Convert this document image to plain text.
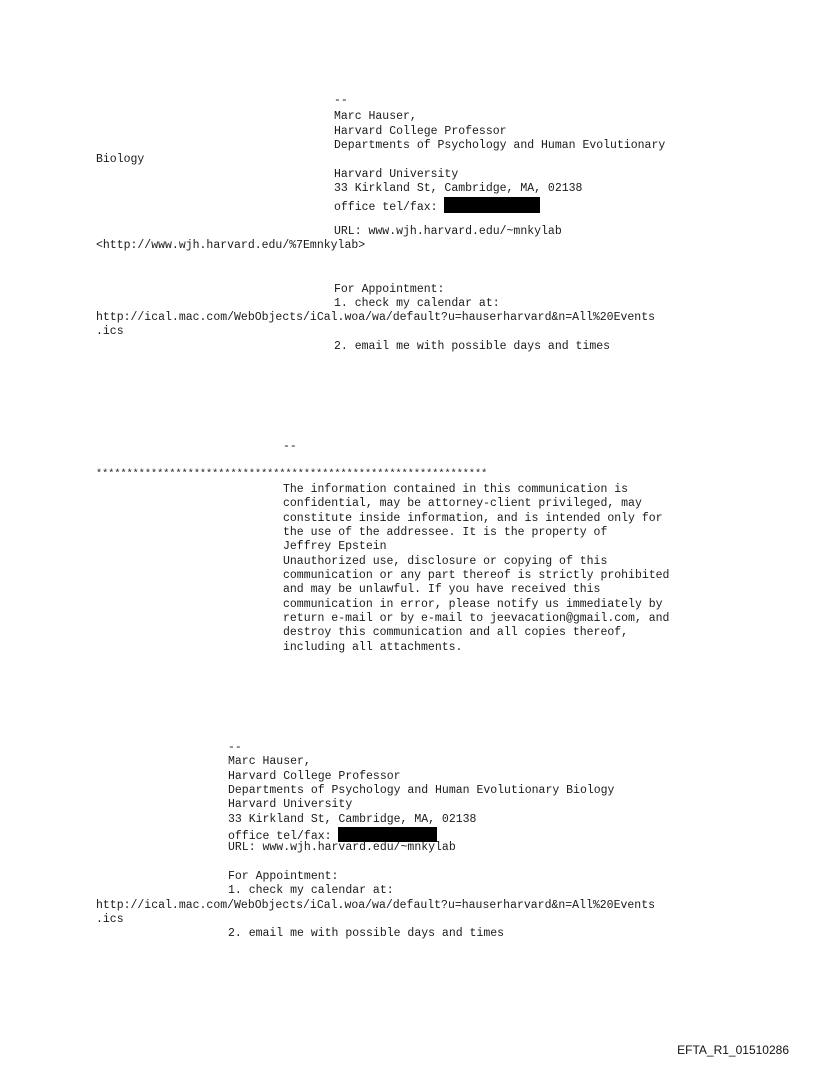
--
Marc Hauser,
Harvard College Professor
Departments of Psychology and Human Evolutionary
Biology
Harvard University
33 Kirkland St, Cambridge, MA, 02138
office tel/fax:
URL: www.wjh.harvard.edu/~mnkylab
<http://www.wjh.harvard.edu/%7Emnkylab>
For Appointment:
1. check my calendar at:
http://ical.mac.com/WebObjects/iCal.woa/wa/default?u=hauserharvard&n=All%20Events
.ics
2. email me with possible days and times
--
****************************************************************
The information contained in this communication is
confidential, may be attorney-client privileged, may
constitute inside information, and is intended only for
the use of the addressee. It is the property of
Jeffrey Epstein
Unauthorized use, disclosure or copying of this
communication or any part thereof is strictly prohibited
and may be unlawful. If you have received this
communication in error, please notify us immediately by
return e-mail or by e-mail to jeevacation@gmail.com, and
destroy this communication and all copies thereof,
including all attachments.
--
Marc Hauser,
Harvard College Professor
Departments of Psychology and Human Evolutionary Biology
Harvard University
33 Kirkland St, Cambridge, MA, 02138
office tel/fax:
URL: www.wjh.harvard.edu/~mnkylab
For Appointment:
1. check my calendar at:
http://ical.mac.com/WebObjects/iCal.woa/wa/default?u=hauserharvard&n=All%20Events
.ics
2. email me with possible days and times
EFTA_R1_01510286
